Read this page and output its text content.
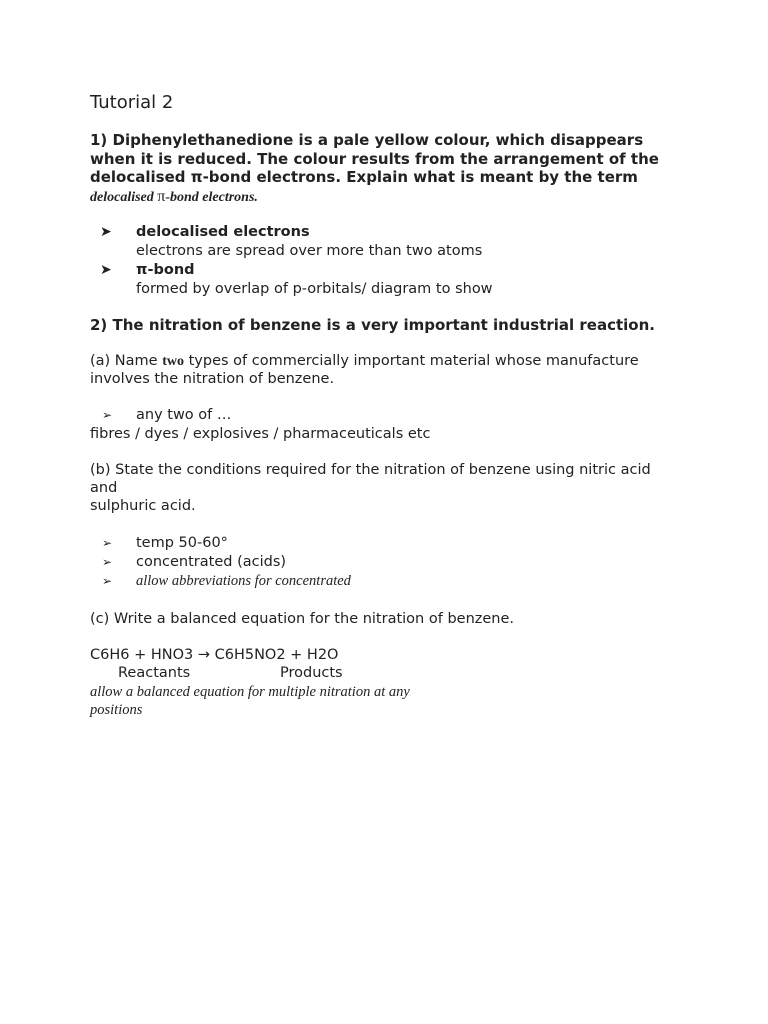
Tutorial 2
1) Diphenylethanedione is a pale yellow colour, which disappears
when it is reduced. The colour results from the arrangement of the
delocalised π-bond electrons. Explain what is meant by the term
delocalised π-bond electrons.
➤ delocalised electrons
electrons are spread over more than two atoms
➤ π-bond
formed by overlap of p-orbitals/ diagram to show
2) The nitration of benzene is a very important industrial reaction.
(a) Name two types of commercially important material whose manufacture
involves the nitration of benzene.
➢ any two of …
fibres / dyes / explosives / pharmaceuticals etc
(b) State the conditions required for the nitration of benzene using nitric acid
and
sulphuric acid.
➢ temp 50-60°
➢ concentrated (acids)
➢ allow abbreviations for concentrated
(c) Write a balanced equation for the nitration of benzene.
C6H6 + HNO3 → C6H5NO2 + H2O
Reactants	Products
allow a balanced equation for multiple nitration at any
positions
